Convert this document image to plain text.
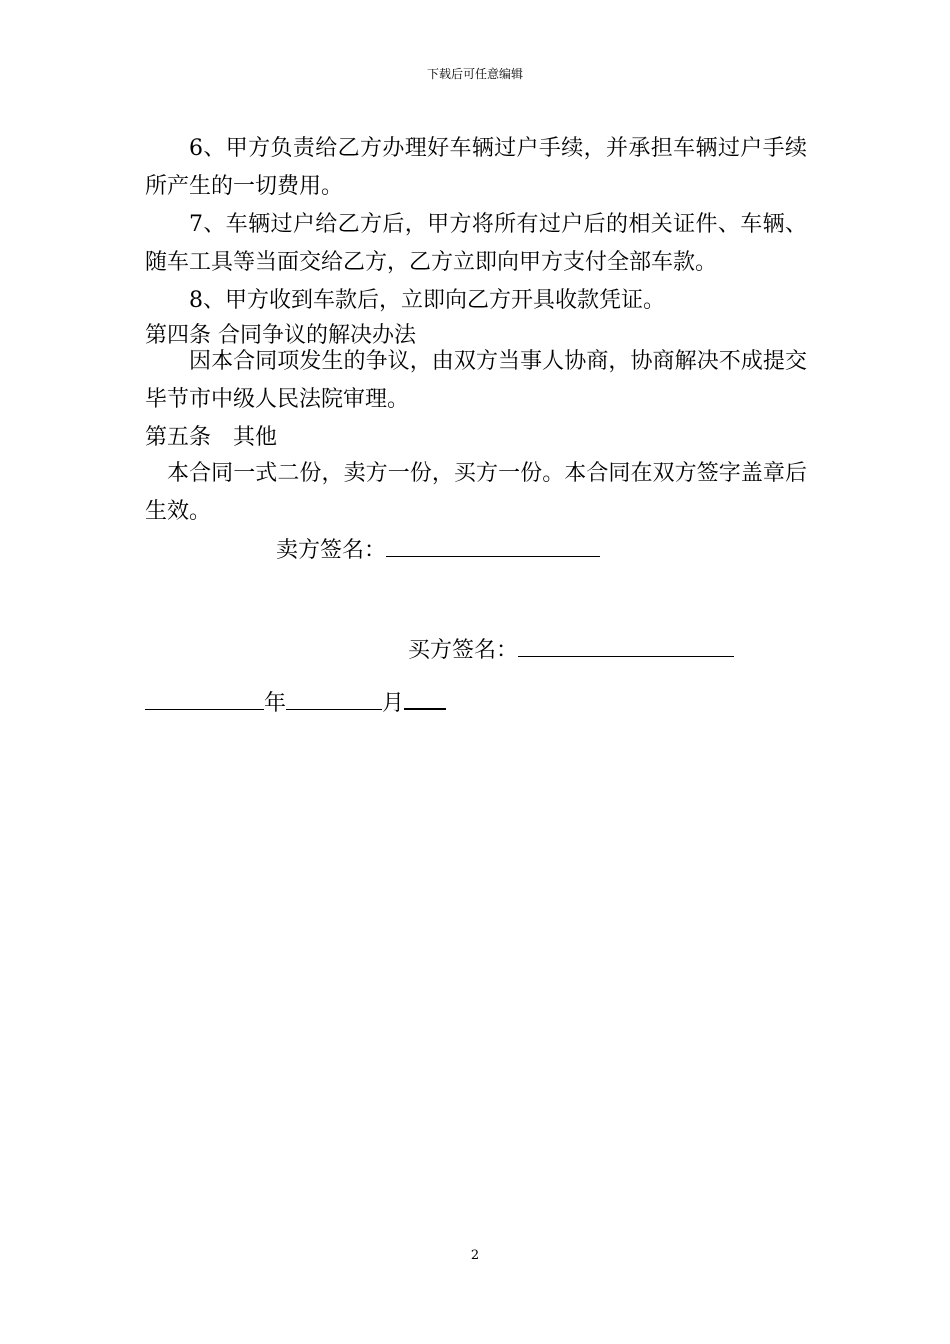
下载后可任意编辑
6、甲方负责给乙方办理好车辆过户手续，并承担车辆过户手续所产生的一切费用。
7、车辆过户给乙方后，甲方将所有过户后的相关证件、车辆、随车工具等当面交给乙方，乙方立即向甲方支付全部车款。
8、甲方收到车款后，立即向乙方开具收款凭证。
第四条 合同争议的解决办法
因本合同项发生的争议，由双方当事人协商，协商解决不成提交毕节市中级人民法院审理。
第五条　其他
本合同一式二份，卖方一份，买方一份。本合同在双方签字盖章后生效。
卖方签名：
买方签名：
年	月
2
